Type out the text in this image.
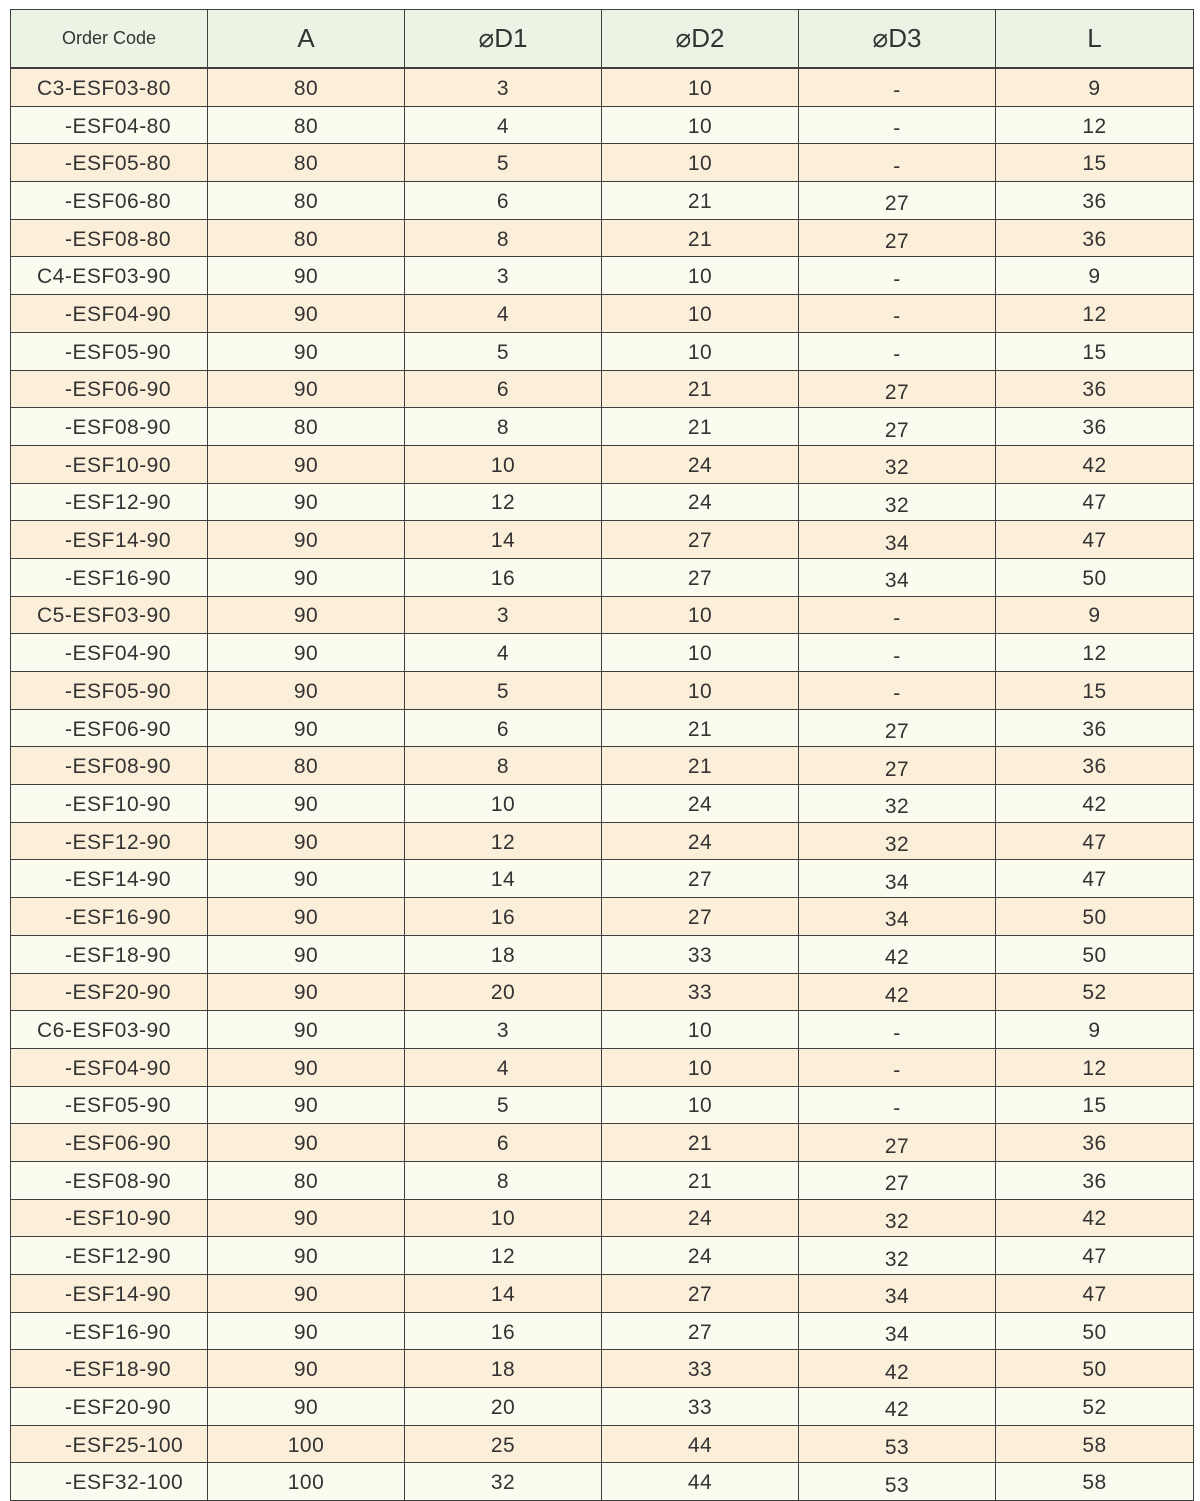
Order Code	A	⌀D1	⌀D2	⌀D3	L
C3-ESF03-80	80	3	10	-	9
-ESF04-80	80	4	10	-	12
-ESF05-80	80	5	10	-	15
-ESF06-80	80	6	21	27	36
-ESF08-80	80	8	21	27	36
C4-ESF03-90	90	3	10	-	9
-ESF04-90	90	4	10	-	12
-ESF05-90	90	5	10	-	15
-ESF06-90	90	6	21	27	36
-ESF08-90	80	8	21	27	36
-ESF10-90	90	10	24	32	42
-ESF12-90	90	12	24	32	47
-ESF14-90	90	14	27	34	47
-ESF16-90	90	16	27	34	50
C5-ESF03-90	90	3	10	-	9
-ESF04-90	90	4	10	-	12
-ESF05-90	90	5	10	-	15
-ESF06-90	90	6	21	27	36
-ESF08-90	80	8	21	27	36
-ESF10-90	90	10	24	32	42
-ESF12-90	90	12	24	32	47
-ESF14-90	90	14	27	34	47
-ESF16-90	90	16	27	34	50
-ESF18-90	90	18	33	42	50
-ESF20-90	90	20	33	42	52
C6-ESF03-90	90	3	10	-	9
-ESF04-90	90	4	10	-	12
-ESF05-90	90	5	10	-	15
-ESF06-90	90	6	21	27	36
-ESF08-90	80	8	21	27	36
-ESF10-90	90	10	24	32	42
-ESF12-90	90	12	24	32	47
-ESF14-90	90	14	27	34	47
-ESF16-90	90	16	27	34	50
-ESF18-90	90	18	33	42	50
-ESF20-90	90	20	33	42	52
-ESF25-100	100	25	44	53	58
-ESF32-100	100	32	44	53	58
